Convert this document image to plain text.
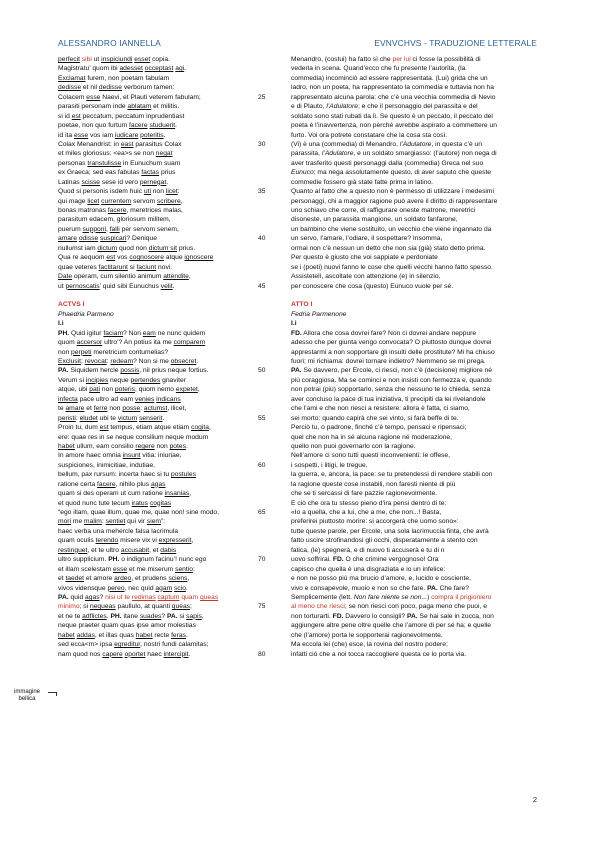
ALESSANDRO IANNELLA	EVNVCHVS - TRADUZIONE LETTERALE
perfecit sibi ut inspiciundi esset copia.
Magistratu’ quom ibi adesset occeptast agi.
Exclamat furem, non poetam fabulam
dedisse et nil dedisse verborum tamen:
Colacem esse Naevi, et Plauti veterem fabulam;	25
parasiti personam inde ablatam et militis.
si id est peccatum, peccatum inprudentiast
poetae, non quo furtum facere studuerit.
id ita esse vos iam iudicare poteritis.
Colax Menandrist: in east parasitus Colax	30
et miles gloriosus: <ea>s se non negat
personas transtulisse in Eunuchum suam
ex Graeca; sed eas fabulas factas prius
Latinas scisse sese id vero pernegat.
Quod si personis isdem huic uti non licet:	35
qui mage licet currentem servom scribere,
bonas matronas facere, meretrices malas,
parasitum edacem, gloriosum militem,
puerum supponi, falli per servom senem,
amare odisse suspicari? Denique	40
nullumst iam dictum quod non dictum sit prius.
Qua re aequom est vos cognoscere atque ignoscere
quae veteres factitarunt si faciunt novi.
Date operam, cum silentio animum attendite,
ut pernoscatis’ quid sibi Eunuchus velit.	45
ACTVS I
Phaedria Parmeno
I.i
PH. Quid igitur faciam? Non eam ne nunc quidem
quom accersor ultro’? An potius ita me comparem
non perpeti meretricum contumelias?
Exclusit; revocat: redeam? Non si me obsecret.
PA. Siquidem hercle possis, nil prius neque fortius.	50
Verum si incipies neque pertendes gnaviter
atque, ubi pati non poteris, quom nemo expetet,
infecta pace ultro ad eam venies indicans
te amare et ferre non posse: actumst, ilicet,
peristi: eludet ubi te victum senserit.	55
Proin tu, dum est tempus, etiam atque etiam cogita,
ere: quae res in se neque consilium neque modum
habet ullum, eam consilio regere non potes.
In amore haec omnia insunt vitia: iniuriae,
suspiciones, inimicitiae, indutiae,	60
bellum, pax rursum: incerta haec si tu postules
ratione certa facere, nihilo plus agas
quam si des operam ut cum ratione insanias,
et quod nunc tute tecum iratus cogitas
“ego illam, quae illum, quae me, quae non! sine modo,	65
mori me malim: sentiet qui vir siem”:
haec verba una mehercle falsa lacrimula
quam oculis terendo misere vix vi expresserit,
restinguet, et te ultro accusabit, et dabis
ultro supplicium. PH. o indignum facinu’! nunc ego	70
et illam scelestam esse et me miserum sentio:
et taedet et amore ardeo, et prudens sciens,
vivos vidensque pereo, nec quid agam scio.
PA. quid agas? nisi ut te redimas captum quam queas
minimo; si nequeas paullulo, at quanti queas;	75
et ne te adflictes. PH. itane suades? PA. si sapis,
neque praeter quam quas ipse amor molestias
habet addas, et illas quas habet recte feras.
sed ecca<m> ipsa egreditur, nostri fundi calamitas;
nam quod nos capere oportet haec intercipit.	80
Menandro, (costui) ha fatto sì che per lui ci fosse la possibilità di
vederla in scena. Quand’ecco che fu presente l’autorità, (la
commedia) incominciò ad essere rappresentata. (Lui) grida che un
ladro, non un poeta, ha rappresentato la commedia e tuttavia non ha
rappresentato alcuna parola: che c’è una vecchia commedia di Nevio
e di Plauto, l’Adulatore; e che il personaggio del parassita e del
soldato sono stati rubati da lì. Se questo è un peccato, il peccato del
poeta è l’inavvertenza, non perché avrebbe aspirato a commettere un
furto. Voi ora potrete constatare che la cosa sta così.
(Vi) è una (commedia) di Menandro, l’Adulatore, in questa c’è un
parassita, l’Adulatore, e un soldato smargiasso: (l’autore) non nega di
aver trasferito questi personaggi dalla (commedia) Greca nel suo
Eunuco; ma nega assolutamente questo, di aver saputo che queste
commedie fossero già state fatte prima in latino.
Quanto al fatto che a questo non è permesso di utilizzare i medesimi
personaggi, chi a maggior ragione può avere il diritto di rappresentare
uno schiavo che corre, di raffigurare oneste matrone, meretrici
disoneste, un parassita mangione, un soldato fanfarone,
un bambino che viene sostituito, un vecchio che viene ingannato da
un servo, l’amare, l’odiare, il sospettare? Insomma,
ormai non c’è nessun un detto che non sia (già) stato detto prima.
Per questo è giusto che voi sappiate e perdoniate
se i (poeti) nuovi fanno le cose che quelli vecchi hanno fatto spesso.
Assistetelì, ascoltate con attenzione (e) in silenzio,
per conoscere che cosa (questo) Eunuco vuole per sé.
ATTO I
Fedria Parmenone
I.i
FD. Allora che cosa dovrei fare? Non ci dovrei andare neppure
adesso che per giunta vengo convocata? O piuttosto dunque dovrei
apprestarmi a non sopportare gli insulti delle prostitute? Mi ha chiuso
fuori; mi richiama: dovrei tornare indietro? Nemmeno se mi prega.
PA. Se davvero, per Ercole, ci riesci, non c’è (decisione) migliore né
più coraggiosa. Ma se cominci e non insisti con fermezza e, quando
non potrai (più) sopportarlo, senza che nessuno te lo chieda, senza
aver concluso la pace di tua iniziativa, ti precipiti da lei rivelandole
che l’ami e che non riesci a resistere: allora è fatta, ci siamo,
sei morto: quando capirà che sei vinto, si farà beffe di te.
Perciò tu, o padrone, finché c’è tempo, pensaci e ripensaci;
quel che non ha in sé alcuna ragione né moderazione,
quello non puoi governarlo con la ragione.
Nell’amore ci sono tutti questi inconvenienti: le offese,
i sospetti, i litigi, le tregue,
la guerra, e, ancora, la pace: se tu pretendessi di rendere stabili con
la ragione queste cose instabili, non faresti niente di più
che se ti sercassi di fare pazzie ragionevolmente.
E ciò che ora tu stesso pieno d’ira pensi dentro di te:
«Io a quella, che a lui, che a me, che non...! Basta,
preferirei piuttosto morire: si accorgerà che uomo sono»:
tutte queste parole, per Ercole, una sola lacrimuccia finta, che avrà
fatto uscire strofinandosi gli occhi, disperatamente a stento con
fatica, (le) spegnerà, e di nuovo ti accuserà e tu di n
uovo soffrirai. FD. O che crimine vergognoso! Ora
capisco che quella è una disgraziata e io un infelice:
e non ne posso più ma brucio d’amore, e, lucido e cosciente,
vivo e consapevole, muoio e non so che fare. PA. Che fare?
Semplicemente (lett. Non fare niente se non...) compra il prigioniero
al meno che riesci; se non riesci con poco, paga meno che puoi, e
non torturarti. FD. Davvero lo consigli? PA. Se hai sale in zucca, non
aggiungere altre pene oltre quelle che l’amore di per sé ha; e quelle
che (l’amore) porta le sopporterai ragionevolmente.
Ma eccola lei (che) esce, la rovina del nostro podere;
infatti ciò che a noi tocca raccogliere questa ce lo porta via.
immagine bellica
2
